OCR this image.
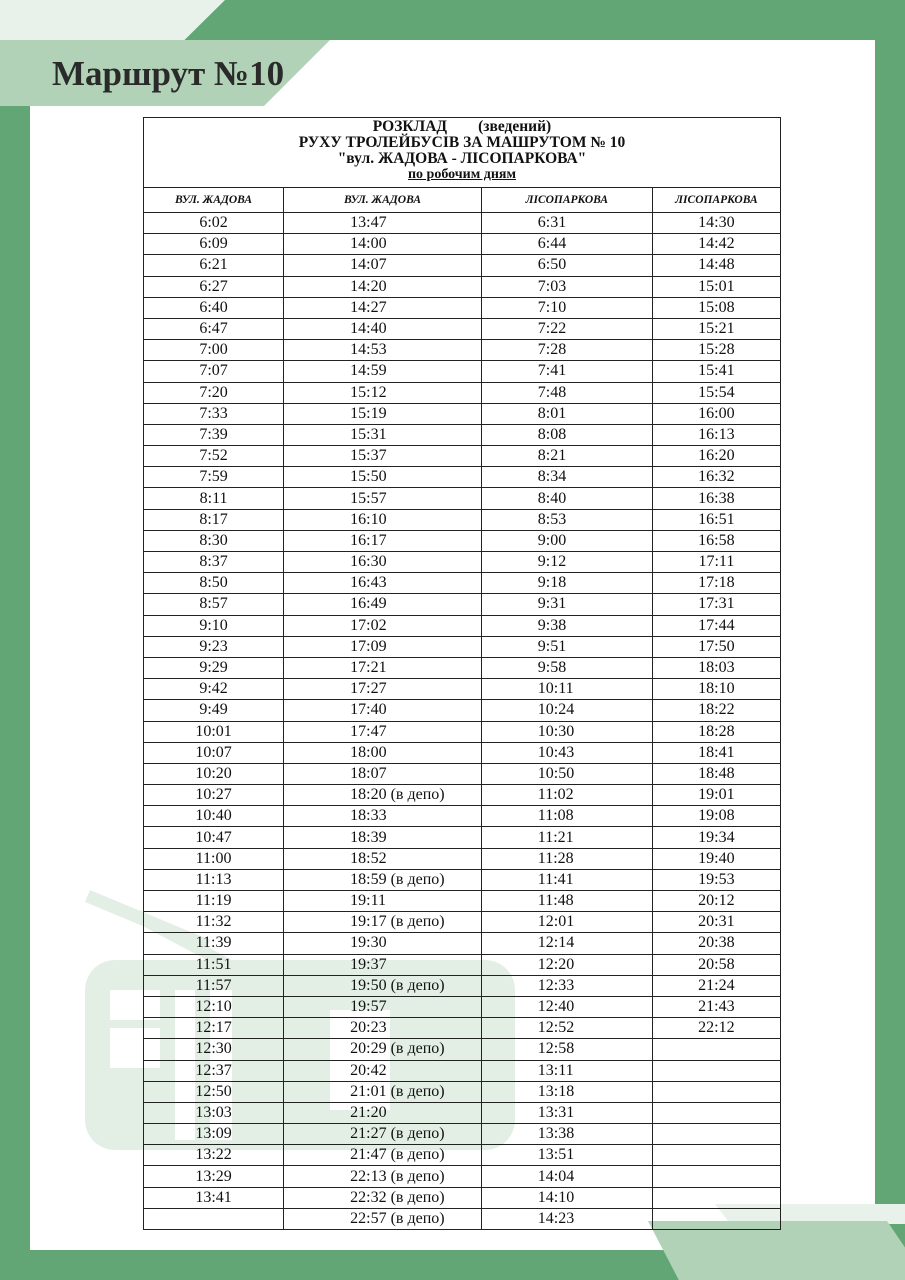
Маршрут №10
РОЗКЛАД (зведений)
РУХУ ТРОЛЕЙБУСІВ ЗА МАШРУТОМ № 10
"вул. ЖАДОВА - ЛІСОПАРКОВА"
по робочим дням			

ВУЛ. ЖАДОВА	ВУЛ. ЖАДОВА	ЛІСОПАРКОВА	ЛІСОПАРКОВА
6:02	13:47	6:31	14:30
6:09	14:00	6:44	14:42
6:21	14:07	6:50	14:48
6:27	14:20	7:03	15:01
6:40	14:27	7:10	15:08
6:47	14:40	7:22	15:21
7:00	14:53	7:28	15:28
7:07	14:59	7:41	15:41
7:20	15:12	7:48	15:54
7:33	15:19	8:01	16:00
7:39	15:31	8:08	16:13
7:52	15:37	8:21	16:20
7:59	15:50	8:34	16:32
8:11	15:57	8:40	16:38
8:17	16:10	8:53	16:51
8:30	16:17	9:00	16:58
8:37	16:30	9:12	17:11
8:50	16:43	9:18	17:18
8:57	16:49	9:31	17:31
9:10	17:02	9:38	17:44
9:23	17:09	9:51	17:50
9:29	17:21	9:58	18:03
9:42	17:27	10:11	18:10
9:49	17:40	10:24	18:22
10:01	17:47	10:30	18:28
10:07	18:00	10:43	18:41
10:20	18:07	10:50	18:48
10:27	18:20 (в депо)	11:02	19:01
10:40	18:33	11:08	19:08
10:47	18:39	11:21	19:34
11:00	18:52	11:28	19:40
11:13	18:59 (в депо)	11:41	19:53
11:19	19:11	11:48	20:12
11:32	19:17 (в депо)	12:01	20:31
11:39	19:30	12:14	20:38
11:51	19:37	12:20	20:58
11:57	19:50 (в депо)	12:33	21:24
12:10	19:57	12:40	21:43
12:17	20:23	12:52	22:12
12:30	20:29 (в депо)	12:58	
12:37	20:42	13:11	
12:50	21:01 (в депо)	13:18	
13:03	21:20	13:31	
13:09	21:27 (в депо)	13:38	
13:22	21:47 (в депо)	13:51	
13:29	22:13 (в депо)	14:04	
13:41	22:32 (в депо)	14:10	
	22:57 (в депо)	14:23	
